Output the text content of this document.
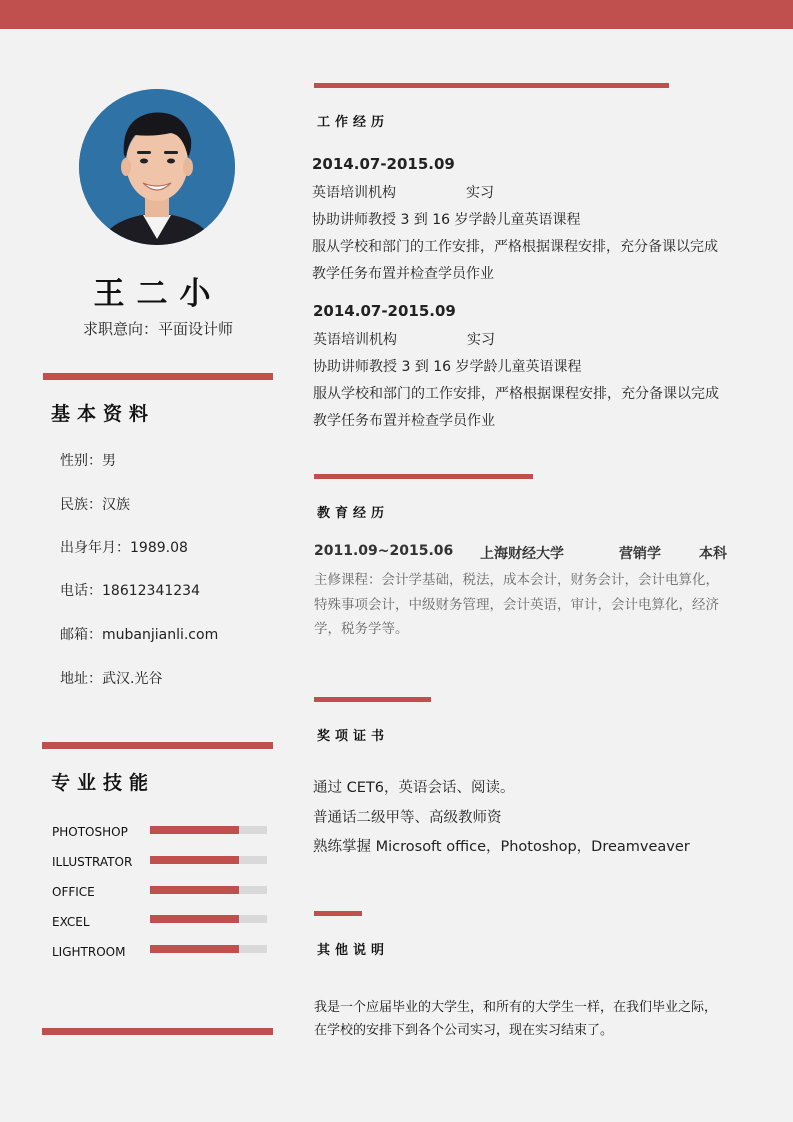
王二小
求职意向：平面设计师
基本资料
性别：男
民族：汉族
出身年月：1989.08
电话：18612341234
邮箱：mubanjianli.com
地址：武汉.光谷
专业技能
PHOTOSHOP
ILLUSTRATOR
OFFICE
EXCEL
LIGHTROOM
工作经历
2014.07-2015.09
英语培训机构	实习
协助讲师教授 3 到 16 岁学龄儿童英语课程
服从学校和部门的工作安排，严格根据课程安排，充分备课以完成
教学任务布置并检查学员作业
2014.07-2015.09
英语培训机构	实习
协助讲师教授 3 到 16 岁学龄儿童英语课程
服从学校和部门的工作安排，严格根据课程安排，充分备课以完成
教学任务布置并检查学员作业
教育经历
2011.09~2015.06 上海财经大学	营销学	本科
主修课程：会计学基础，税法，成本会计，财务会计，会计电算化，
特殊事项会计，中级财务管理，会计英语，审计，会计电算化，经济
学，税务学等。
奖项证书
通过 CET6，英语会话、阅读。
普通话二级甲等、高级教师资
熟练掌握 Microsoft office，Photoshop，Dreamveaver
其他说明
我是一个应届毕业的大学生，和所有的大学生一样，在我们毕业之际，
在学校的安排下到各个公司实习，现在实习结束了。
